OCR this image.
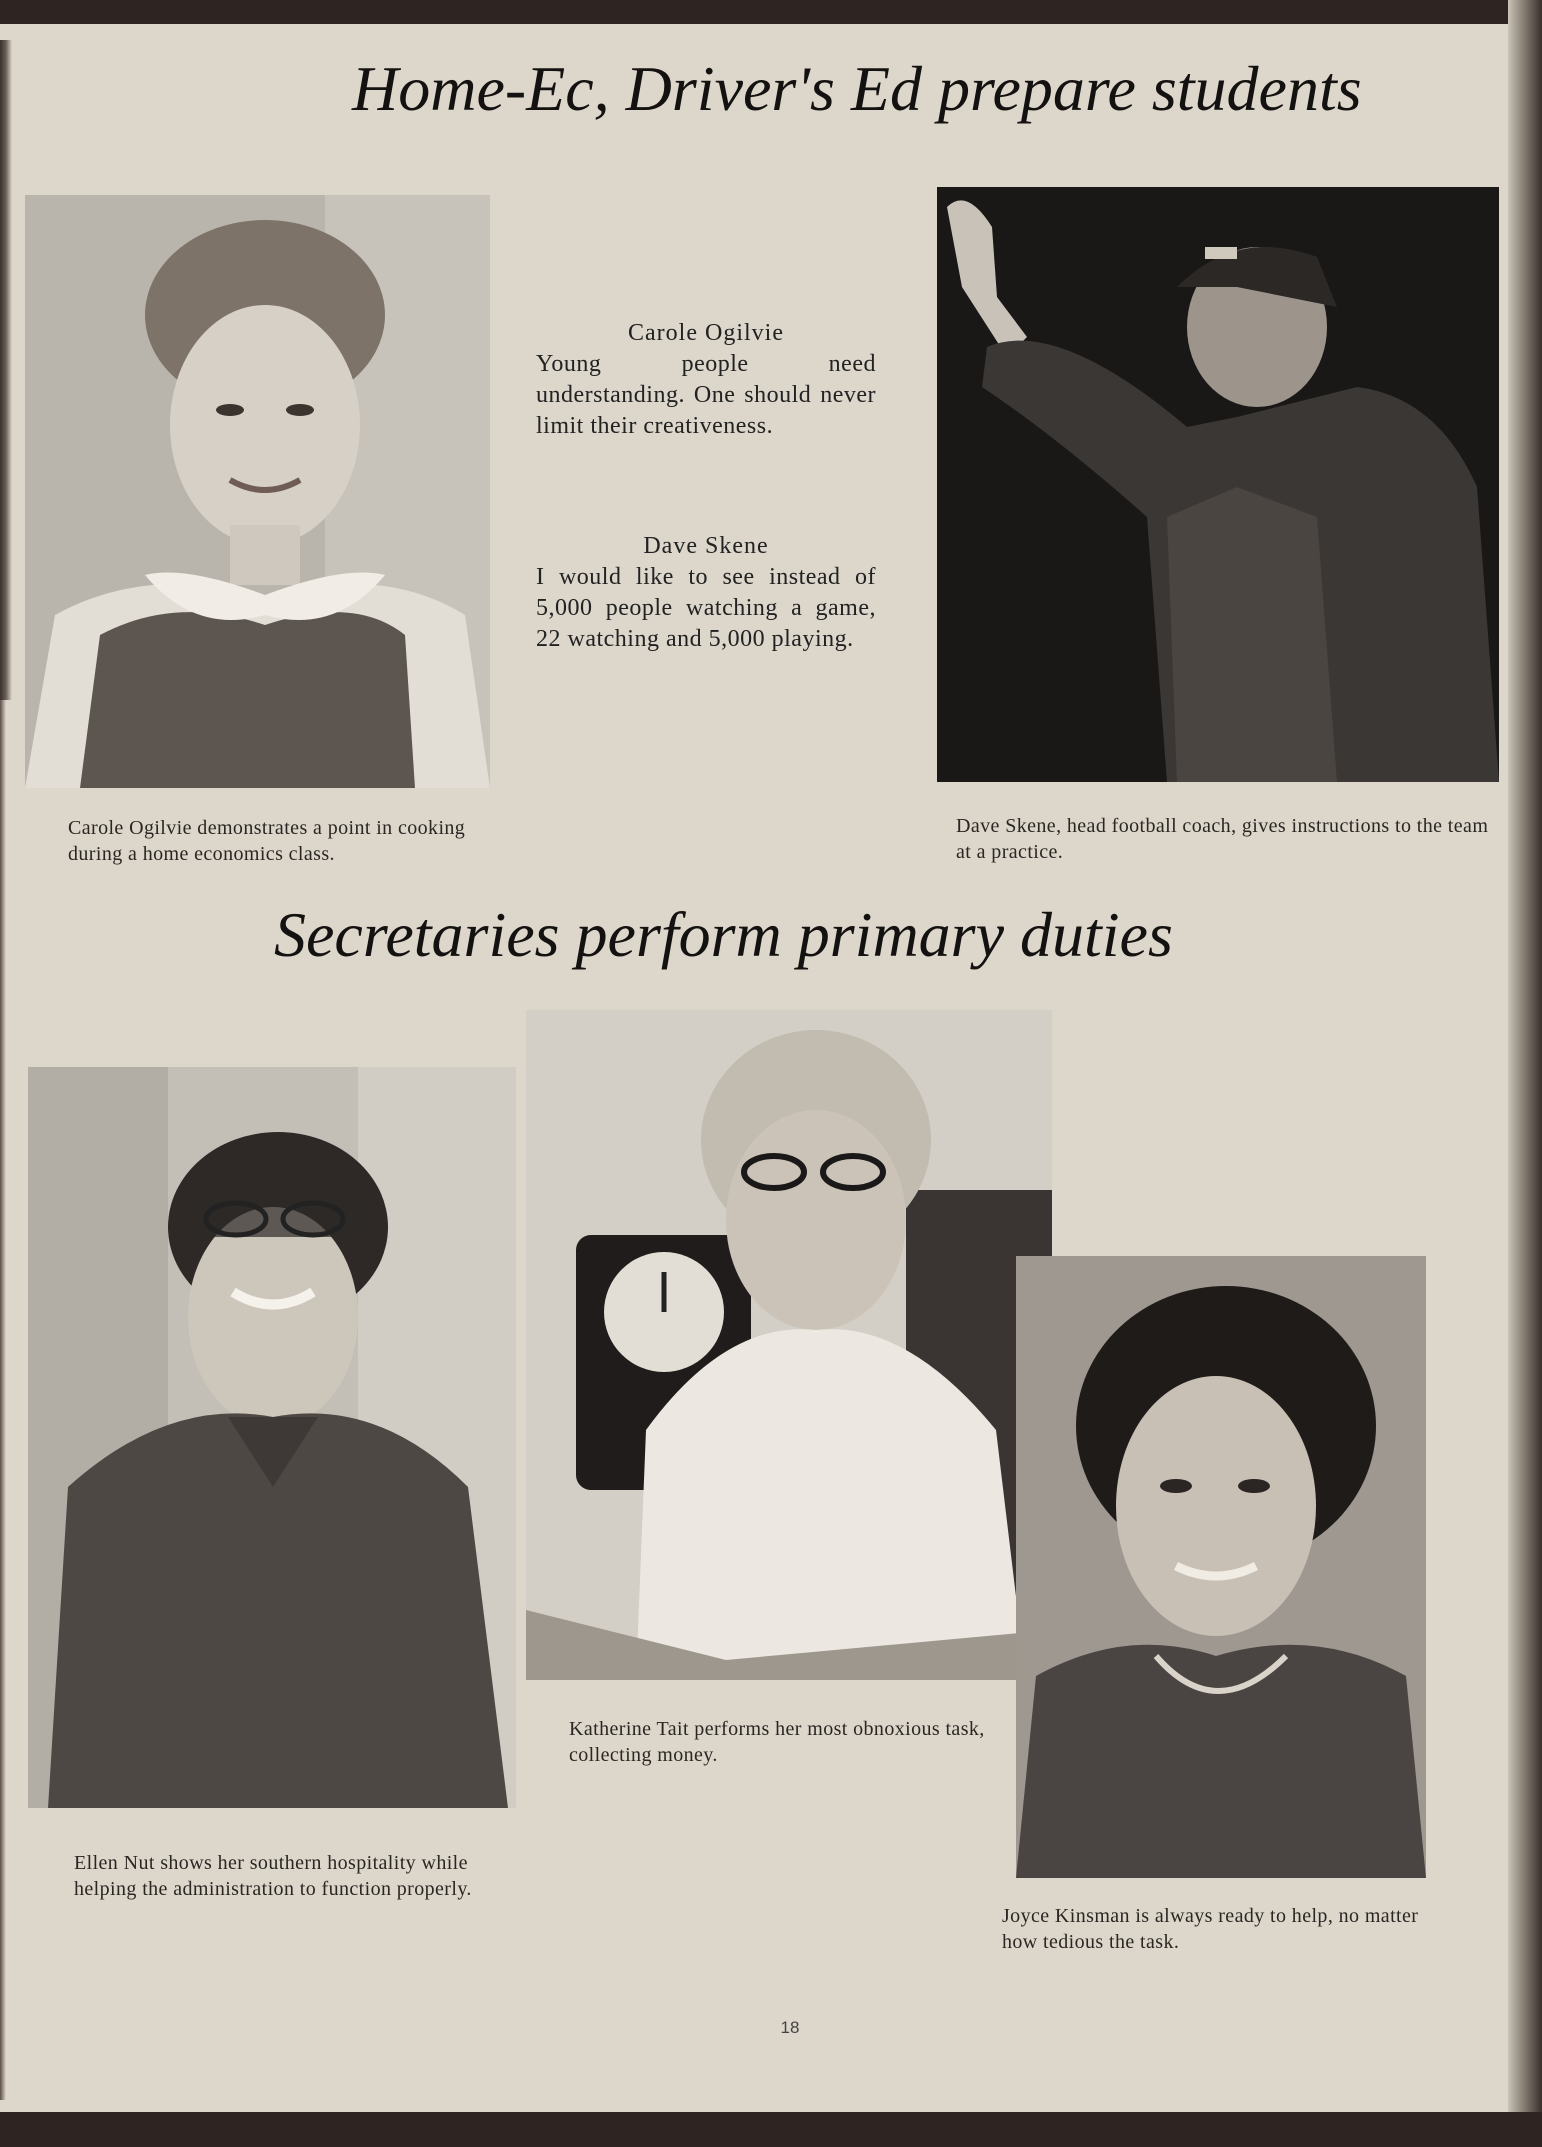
Home-Ec, Driver's Ed prepare students
Carole Ogilvie
Young people need understanding. One should never limit their creativeness.
Dave Skene
I would like to see instead of 5,000 people watching a game, 22 watching and 5,000 playing.
Carole Ogilvie demonstrates a point in cooking during a home economics class.
Dave Skene, head football coach, gives instructions to the team at a practice.
Secretaries perform primary duties
Katherine Tait performs her most obnoxious task, collecting money.
Ellen Nut shows her southern hospitality while helping the administration to function properly.
Joyce Kinsman is always ready to help, no matter how tedious the task.
18
